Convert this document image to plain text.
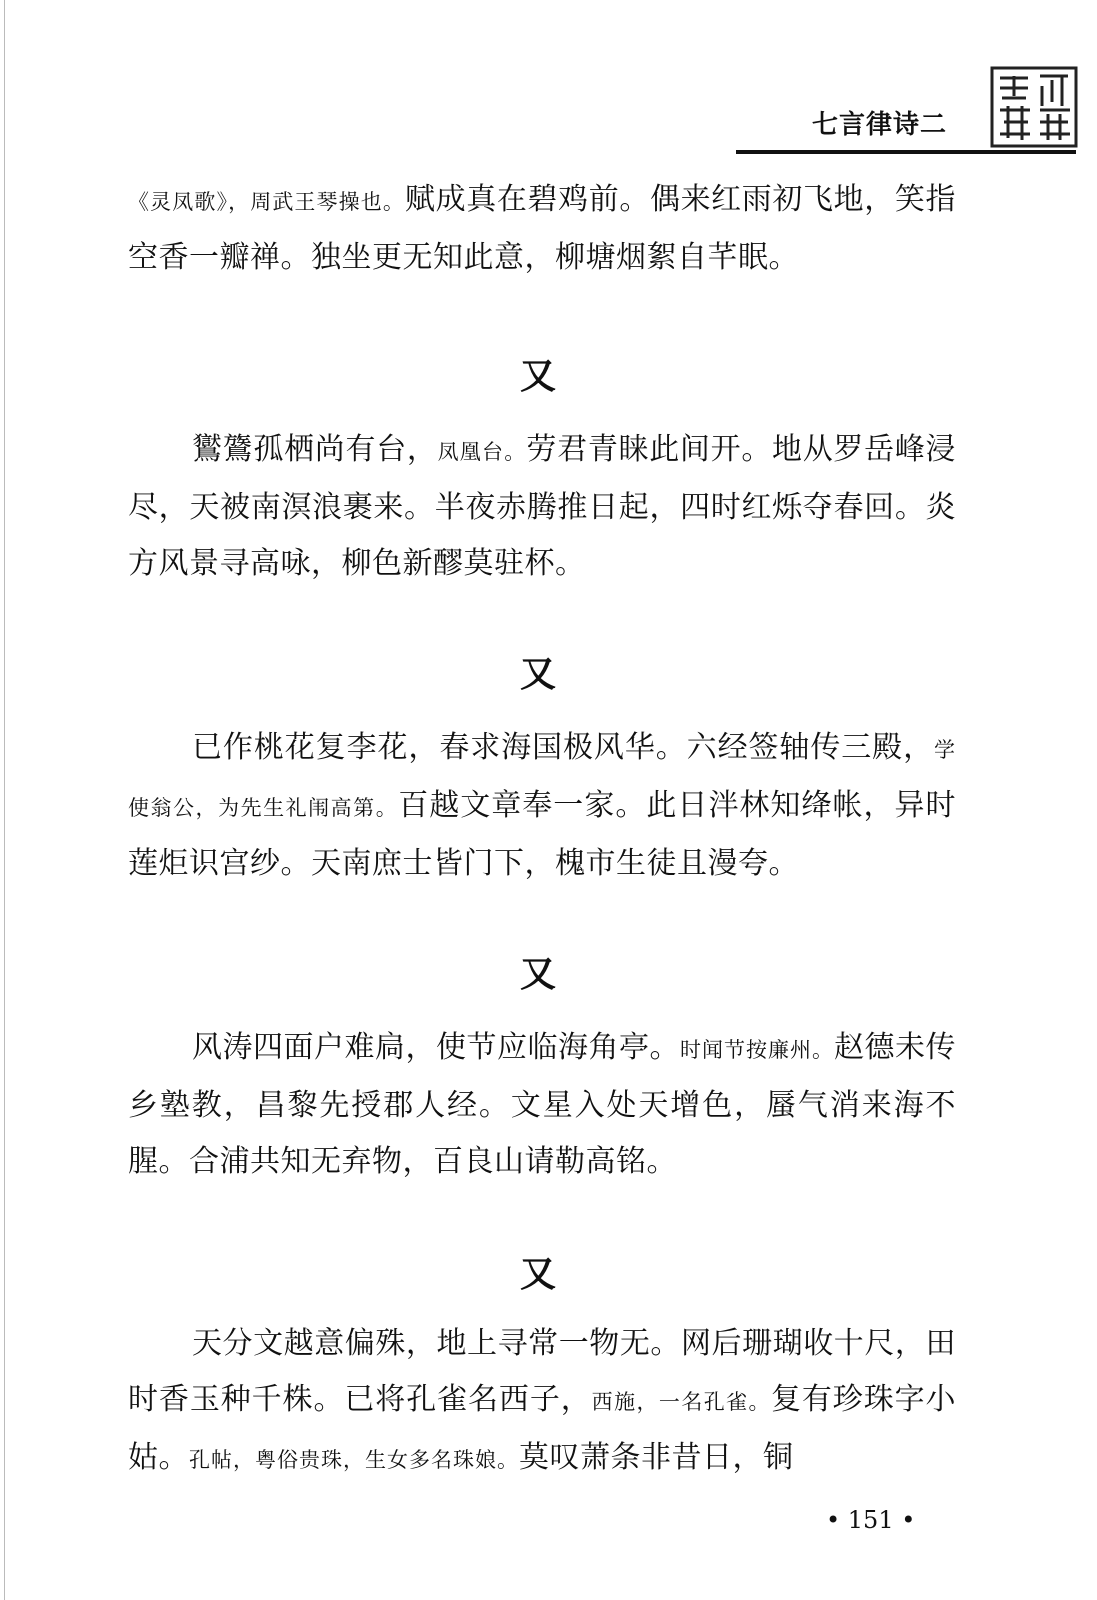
七言律诗二

《灵凤歌》，周武王琴操也。赋成真在碧鸡前。偶来红雨初飞地，笑指空香一瓣禅。独坐更无知此意，柳塘烟絮自芊眠。

又

鸑鷟孤栖尚有台，凤凰台。劳君青睐此间开。地从罗岳峰浸尽，天被南溟浪裹来。半夜赤腾推日起，四时红烁夺春回。炎方风景寻高咏，柳色新醪莫驻杯。

又

已作桃花复李花，春求海国极风华。六经签轴传三殿，学使翁公，为先生礼闱高第。百越文章奉一家。此日泮林知绛帐，异时莲炬识宫纱。天南庶士皆门下，槐市生徒且漫夸。

又

风涛四面户难扃，使节应临海角亭。时闻节按廉州。赵德未传乡塾教，昌黎先授郡人经。文星入处天增色，蜃气消来海不腥。合浦共知无弃物，百良山请勒高铭。

又

天分文越意偏殊，地上寻常一物无。网后珊瑚收十尺，田时香玉种千株。已将孔雀名西子，西施，一名孔雀。复有珍珠字小姑。孔帖，粤俗贵珠，生女多名珠娘。莫叹萧条非昔日，铜

• 151 •
